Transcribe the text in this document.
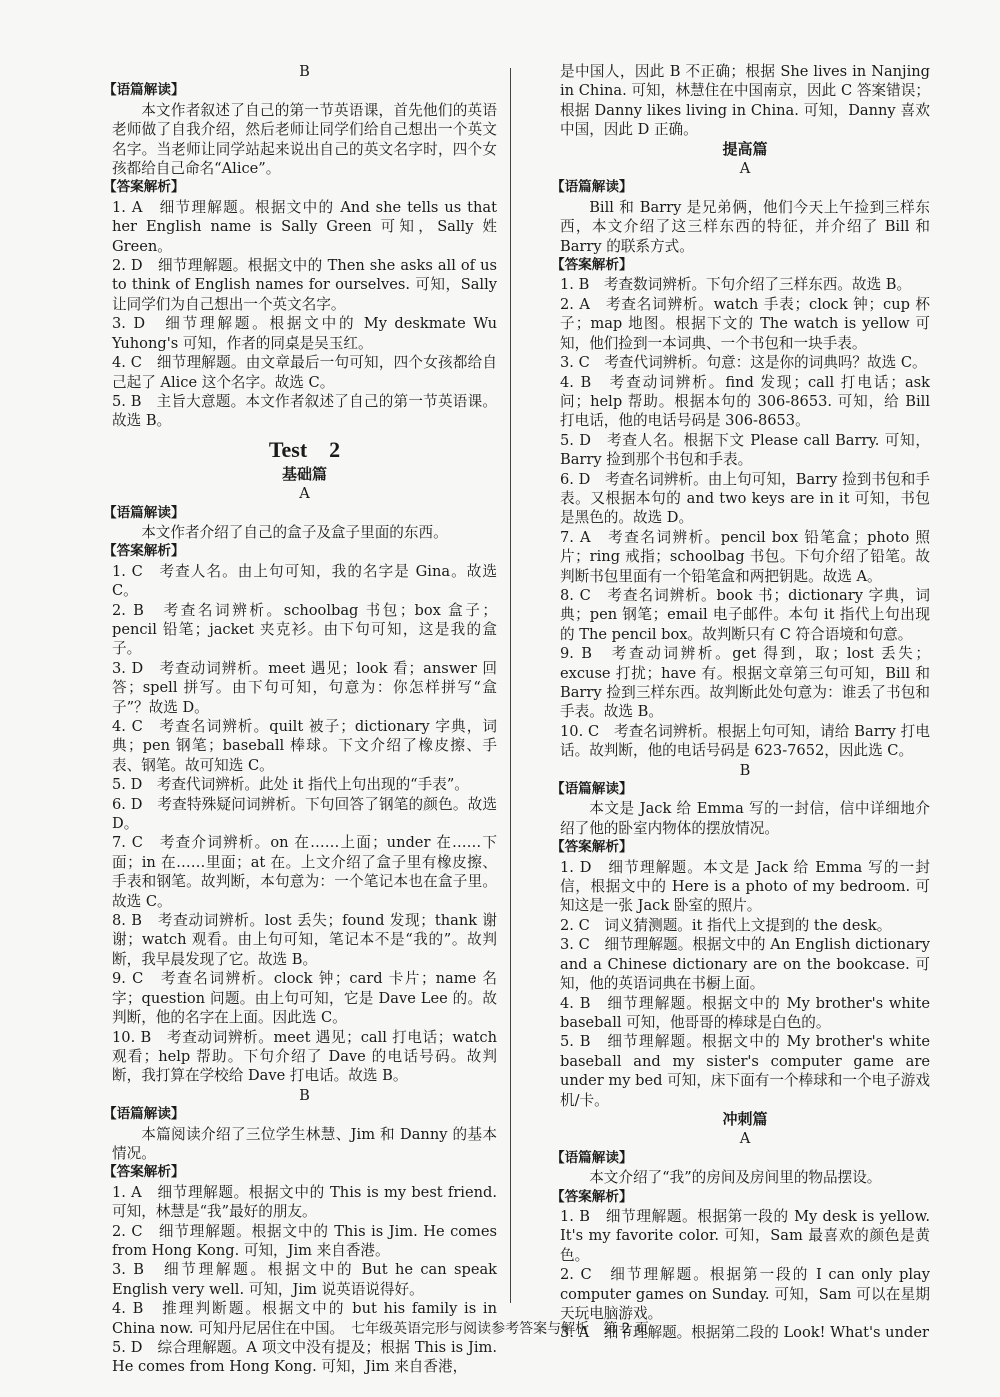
B
【语篇解读】
本文作者叙述了自己的第一节英语课，首先他们的英语老师做了自我介绍，然后老师让同学们给自己想出一个英文名字。当老师让同学站起来说出自己的英文名字时，四个女孩都给自己命名“Alice”。
【答案解析】
1. A　细节理解题。根据文中的 And she tells us that her English name is Sally Green 可知，Sally 姓 Green。
2. D　细节理解题。根据文中的 Then she asks all of us to think of English names for ourselves. 可知，Sally 让同学们为自己想出一个英文名字。
3. D　细节理解题。根据文中的 My deskmate Wu Yuhong's 可知，作者的同桌是吴玉红。
4. C　细节理解题。由文章最后一句可知，四个女孩都给自己起了 Alice 这个名字。故选 C。
5. B　主旨大意题。本文作者叙述了自己的第一节英语课。故选 B。
Test　2
基础篇
A
【语篇解读】
本文作者介绍了自己的盒子及盒子里面的东西。
【答案解析】
1. C　考查人名。由上句可知，我的名字是 Gina。故选 C。
2. B　考查名词辨析。schoolbag 书包；box 盒子；pencil 铅笔；jacket 夹克衫。由下句可知，这是我的盒子。
3. D　考查动词辨析。meet 遇见；look 看；answer 回答；spell 拼写。由下句可知，句意为：你怎样拼写“盒子”？故选 D。
4. C　考查名词辨析。quilt 被子；dictionary 字典，词典；pen 钢笔；baseball 棒球。下文介绍了橡皮擦、手表、钢笔。故可知选 C。
5. D　考查代词辨析。此处 it 指代上句出现的“手表”。
6. D　考查特殊疑问词辨析。下句回答了钢笔的颜色。故选 D。
7. C　考查介词辨析。on 在……上面；under 在……下面；in 在……里面；at 在。上文介绍了盒子里有橡皮擦、手表和钢笔。故判断，本句意为：一个笔记本也在盒子里。故选 C。
8. B　考查动词辨析。lost 丢失；found 发现；thank 谢谢；watch 观看。由上句可知，笔记本不是“我的”。故判断，我早晨发现了它。故选 B。
9. C　考查名词辨析。clock 钟；card 卡片；name 名字；question 问题。由上句可知，它是 Dave Lee 的。故判断，他的名字在上面。因此选 C。
10. B　考查动词辨析。meet 遇见；call 打电话；watch 观看；help 帮助。下句介绍了 Dave 的电话号码。故判断，我打算在学校给 Dave 打电话。故选 B。
B
【语篇解读】
本篇阅读介绍了三位学生林慧、Jim 和 Danny 的基本情况。
【答案解析】
1. A　细节理解题。根据文中的 This is my best friend. 可知，林慧是“我”最好的朋友。
2. C　细节理解题。根据文中的 This is Jim. He comes from Hong Kong. 可知，Jim 来自香港。
3. B　细节理解题。根据文中的 But he can speak English very well. 可知，Jim 说英语说得好。
4. B　推理判断题。根据文中的 but his family is in China now. 可知丹尼居住在中国。
5. D　综合理解题。A 项文中没有提及；根据 This is Jim. He comes from Hong Kong. 可知，Jim 来自香港，
是中国人，因此 B 不正确；根据 She lives in Nanjing in China. 可知，林慧住在中国南京，因此 C 答案错误；根据 Danny likes living in China. 可知，Danny 喜欢中国，因此 D 正确。
提高篇
A
【语篇解读】
Bill 和 Barry 是兄弟俩，他们今天上午捡到三样东西，本文介绍了这三样东西的特征，并介绍了 Bill 和 Barry 的联系方式。
【答案解析】
1. B　考查数词辨析。下句介绍了三样东西。故选 B。
2. A　考查名词辨析。watch 手表；clock 钟；cup 杯子；map 地图。根据下文的 The watch is yellow 可知，他们捡到一本词典、一个书包和一块手表。
3. C　考查代词辨析。句意：这是你的词典吗？故选 C。
4. B　考查动词辨析。find 发现；call 打电话；ask 问；help 帮助。根据本句的 306-8653. 可知，给 Bill 打电话，他的电话号码是 306-8653。
5. D　考查人名。根据下文 Please call Barry. 可知，Barry 捡到那个书包和手表。
6. D　考查名词辨析。由上句可知，Barry 捡到书包和手表。又根据本句的 and two keys are in it 可知，书包是黑色的。故选 D。
7. A　考查名词辨析。pencil box 铅笔盒；photo 照片；ring 戒指；schoolbag 书包。下句介绍了铅笔。故判断书包里面有一个铅笔盒和两把钥匙。故选 A。
8. C　考查名词辨析。book 书；dictionary 字典，词典；pen 钢笔；email 电子邮件。本句 it 指代上句出现的 The pencil box。故判断只有 C 符合语境和句意。
9. B　考查动词辨析。get 得到，取；lost 丢失；excuse 打扰；have 有。根据文章第三句可知，Bill 和 Barry 捡到三样东西。故判断此处句意为：谁丢了书包和手表。故选 B。
10. C　考查名词辨析。根据上句可知，请给 Barry 打电话。故判断，他的电话号码是 623-7652，因此选 C。
B
【语篇解读】
本文是 Jack 给 Emma 写的一封信，信中详细地介绍了他的卧室内物体的摆放情况。
【答案解析】
1. D　细节理解题。本文是 Jack 给 Emma 写的一封信，根据文中的 Here is a photo of my bedroom. 可知这是一张 Jack 卧室的照片。
2. C　词义猜测题。it 指代上文提到的 the desk。
3. C　细节理解题。根据文中的 An English dictionary and a Chinese dictionary are on the bookcase. 可知，他的英语词典在书橱上面。
4. B　细节理解题。根据文中的 My brother's white baseball 可知，他哥哥的棒球是白色的。
5. B　细节理解题。根据文中的 My brother's white baseball and my sister's computer game are under my bed 可知，床下面有一个棒球和一个电子游戏机/卡。
冲刺篇
A
【语篇解读】
本文介绍了“我”的房间及房间里的物品摆设。
【答案解析】
1. B　细节理解题。根据第一段的 My desk is yellow. It's my favorite color. 可知，Sam 最喜欢的颜色是黄色。
2. C　细节理解题。根据第一段的 I can only play computer games on Sunday. 可知，Sam 可以在星期天玩电脑游戏。
3. A　细节理解题。根据第二段的 Look! What's under
七年级英语完形与阅读参考答案与解析　第 2 页
